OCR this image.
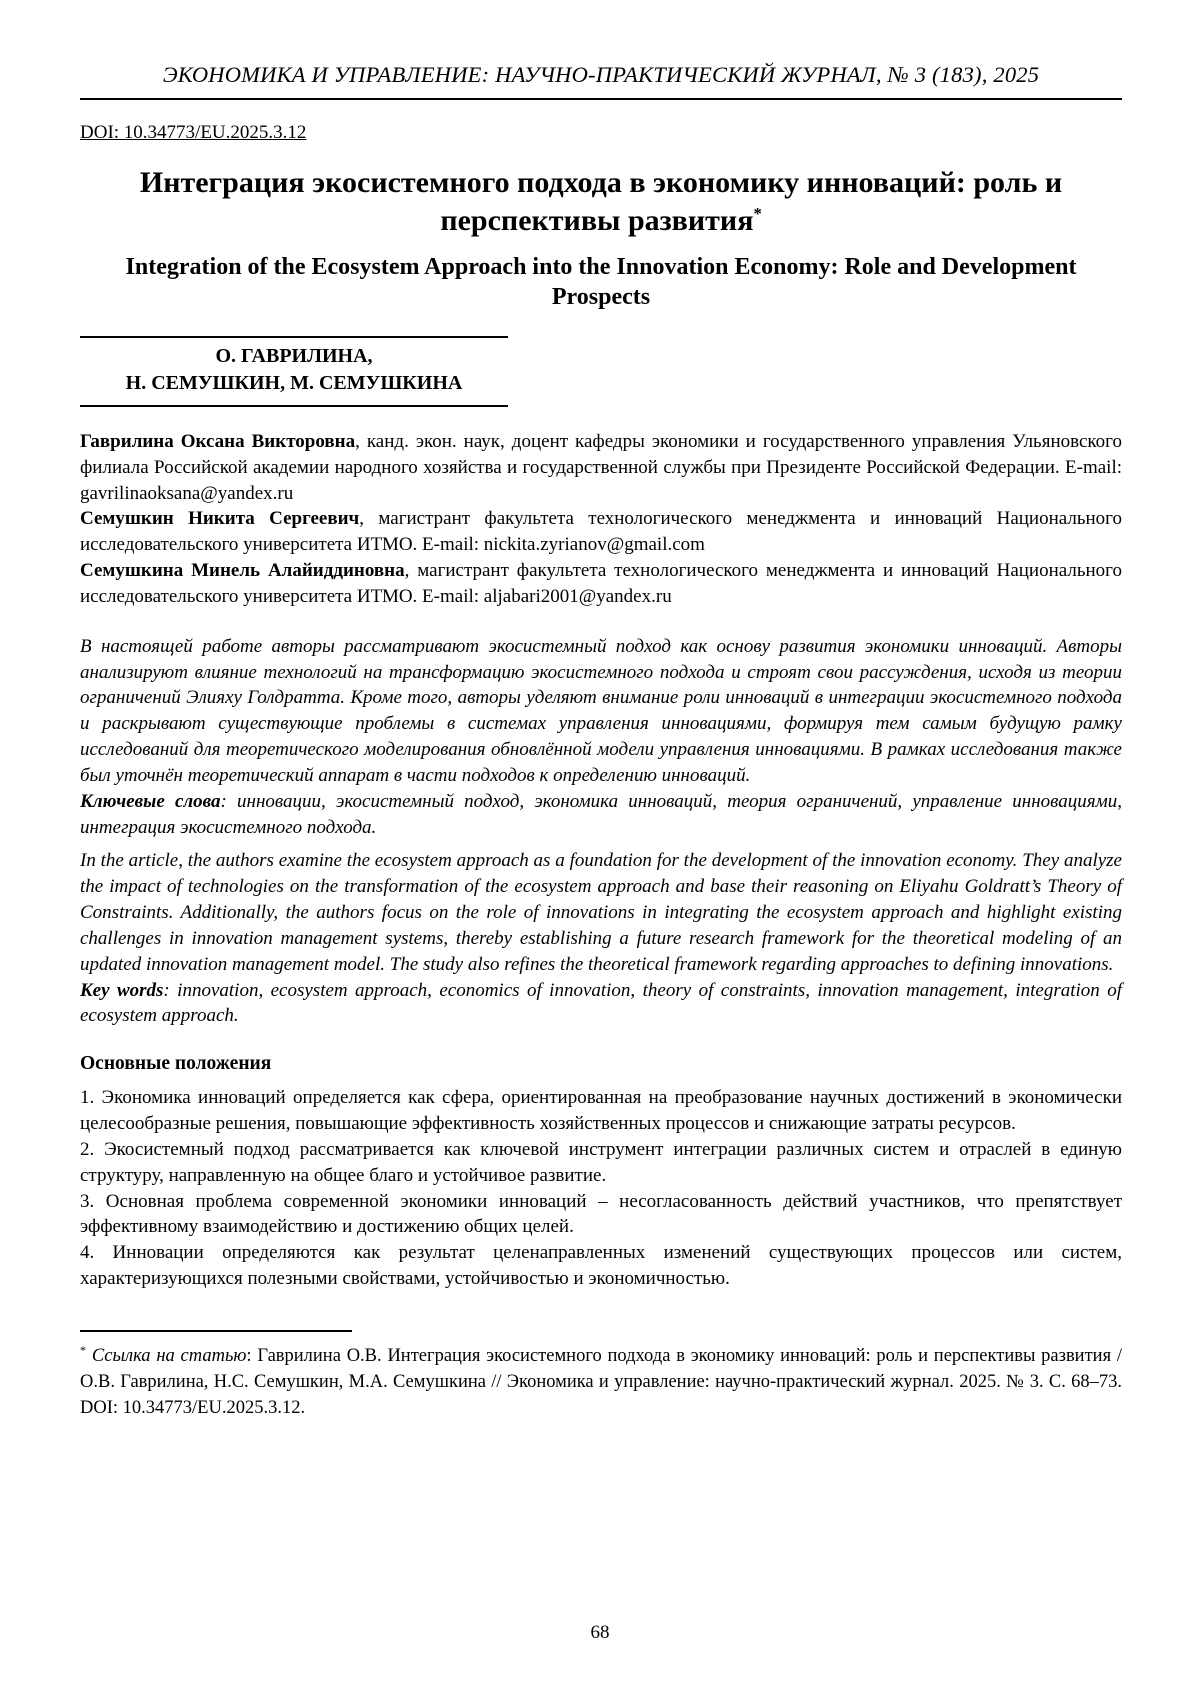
ЭКОНОМИКА И УПРАВЛЕНИЕ: НАУЧНО-ПРАКТИЧЕСКИЙ ЖУРНАЛ, № 3 (183), 2025
DOI: 10.34773/EU.2025.3.12
Интеграция экосистемного подхода в экономику инноваций: роль и перспективы развития*
Integration of the Ecosystem Approach into the Innovation Economy: Role and Development Prospects
О. ГАВРИЛИНА,
Н. СЕМУШКИН, М. СЕМУШКИНА

Гаврилина Оксана Викторовна, канд. экон. наук, доцент кафедры экономики и государственного управления Ульяновского филиала Российской академии народного хозяйства и государственной службы при Президенте Российской Федерации. E-mail: gavrilinaoksana@yandex.ru

Семушкин Никита Сергеевич, магистрант факультета технологического менеджмента и инноваций Национального исследовательского университета ИТМО. E-mail: nickita.zyrianov@gmail.com

Семушкина Минель Алайиддиновна, магистрант факультета технологического менеджмента и инноваций Национального исследовательского университета ИТМО. E-mail: aljabari2001@yandex.ru

В настоящей работе авторы рассматривают экосистемный подход как основу развития экономики инноваций. Авторы анализируют влияние технологий на трансформацию экосистемного подхода и строят свои рассуждения, исходя из теории ограничений Элияху Голдратта. Кроме того, авторы уделяют внимание роли инноваций в интеграции экосистемного подхода и раскрывают существующие проблемы в системах управления инновациями, формируя тем самым будущую рамку исследований для теоретического моделирования обновлённой модели управления инновациями. В рамках исследования также был уточнён теоретический аппарат в части подходов к определению инноваций.

Ключевые слова: инновации, экосистемный подход, экономика инноваций, теория ограничений, управление инновациями, интеграция экосистемного подхода.

In the article, the authors examine the ecosystem approach as a foundation for the development of the innovation economy. They analyze the impact of technologies on the transformation of the ecosystem approach and base their reasoning on Eliyahu Goldratt’s Theory of Constraints. Additionally, the authors focus on the role of innovations in integrating the ecosystem approach and highlight existing challenges in innovation management systems, thereby establishing a future research framework for the theoretical modeling of an updated innovation management model. The study also refines the theoretical framework regarding approaches to defining innovations.

Key words: innovation, ecosystem approach, economics of innovation, theory of constraints, innovation management, integration of ecosystem approach.

Основные положения

1. Экономика инноваций определяется как сфера, ориентированная на преобразование научных достижений в экономически целесообразные решения, повышающие эффективность хозяйственных процессов и снижающие затраты ресурсов.

2. Экосистемный подход рассматривается как ключевой инструмент интеграции различных систем и отраслей в единую структуру, направленную на общее благо и устойчивое развитие.

3. Основная проблема современной экономики инноваций – несогласованность действий участников, что препятствует эффективному взаимодействию и достижению общих целей.

4. Инновации определяются как результат целенаправленных изменений существующих процессов или систем, характеризующихся полезными свойствами, устойчивостью и экономичностью.

* Ссылка на статью: Гаврилина О.В. Интеграция экосистемного подхода в экономику инноваций: роль и перспективы развития / О.В. Гаврилина, Н.С. Семушкин, М.А. Семушкина // Экономика и управление: научно-практический журнал. 2025. № 3. С. 68–73. DOI: 10.34773/EU.2025.3.12.

68
